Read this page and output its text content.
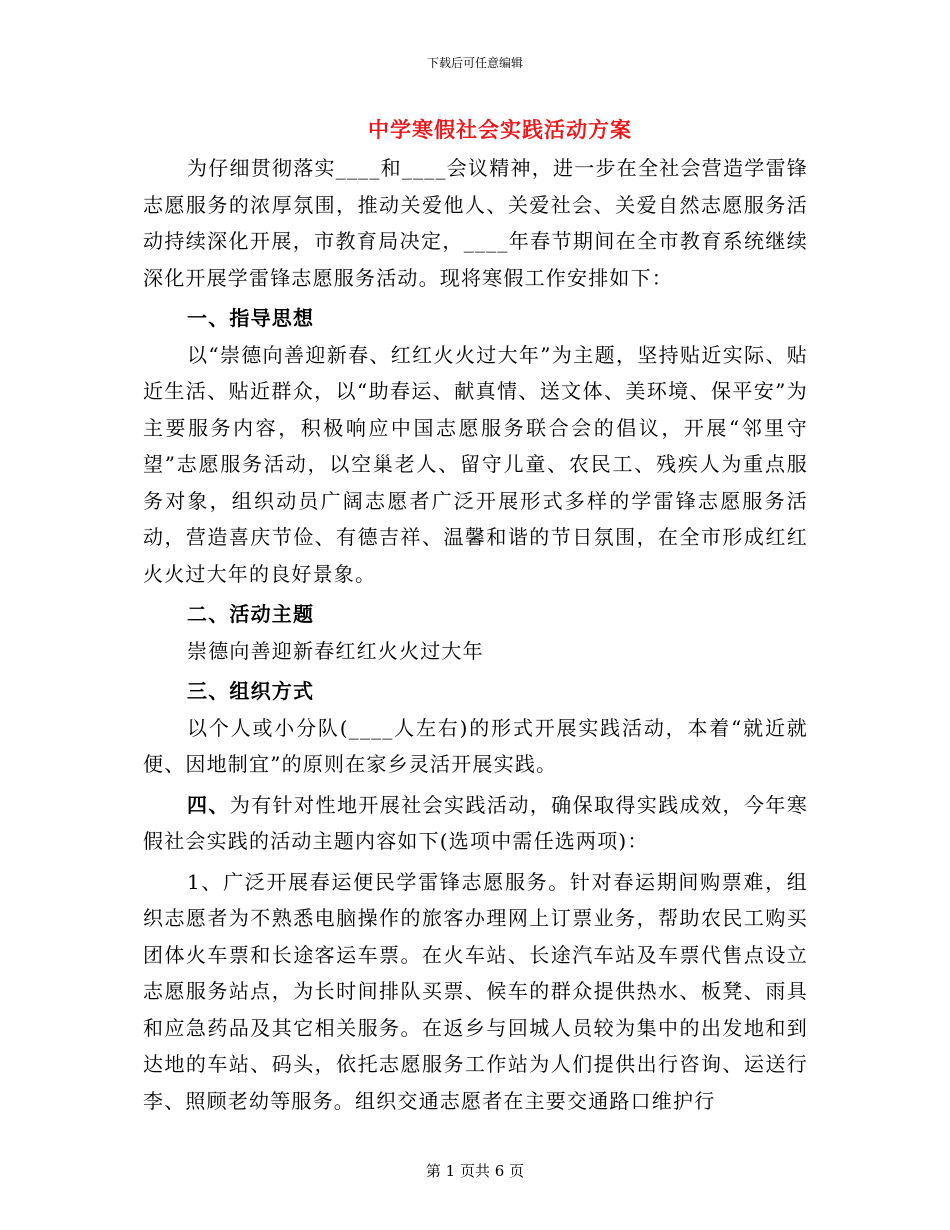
下载后可任意编辑
中学寒假社会实践活动方案

为仔细贯彻落实____和____会议精神，进一步在全社会营造学雷锋志愿服务的浓厚氛围，推动关爱他人、关爱社会、关爱自然志愿服务活动持续深化开展，市教育局决定，____年春节期间在全市教育系统继续深化开展学雷锋志愿服务活动。现将寒假工作安排如下：

一、指导思想

以“崇德向善迎新春、红红火火过大年”为主题，坚持贴近实际、贴近生活、贴近群众，以“助春运、献真情、送文体、美环境、保平安”为主要服务内容，积极响应中国志愿服务联合会的倡议，开展“邻里守望”志愿服务活动，以空巢老人、留守儿童、农民工、残疾人为重点服务对象，组织动员广阔志愿者广泛开展形式多样的学雷锋志愿服务活动，营造喜庆节俭、有德吉祥、温馨和谐的节日氛围，在全市形成红红火火过大年的良好景象。

二、活动主题

崇德向善迎新春红红火火过大年

三、组织方式

以个人或小分队(____人左右)的形式开展实践活动，本着“就近就便、因地制宜”的原则在家乡灵活开展实践。

四、为有针对性地开展社会实践活动，确保取得实践成效，今年寒假社会实践的活动主题内容如下(选项中需任选两项)：

1、广泛开展春运便民学雷锋志愿服务。针对春运期间购票难，组织志愿者为不熟悉电脑操作的旅客办理网上订票业务，帮助农民工购买团体火车票和长途客运车票。在火车站、长途汽车站及车票代售点设立志愿服务站点，为长时间排队买票、候车的群众提供热水、板凳、雨具和应急药品及其它相关服务。在返乡与回城人员较为集中的出发地和到达地的车站、码头，依托志愿服务工作站为人们提供出行咨询、运送行李、照顾老幼等服务。组织交通志愿者在主要交通路口维护行

第 1 页共 6 页
